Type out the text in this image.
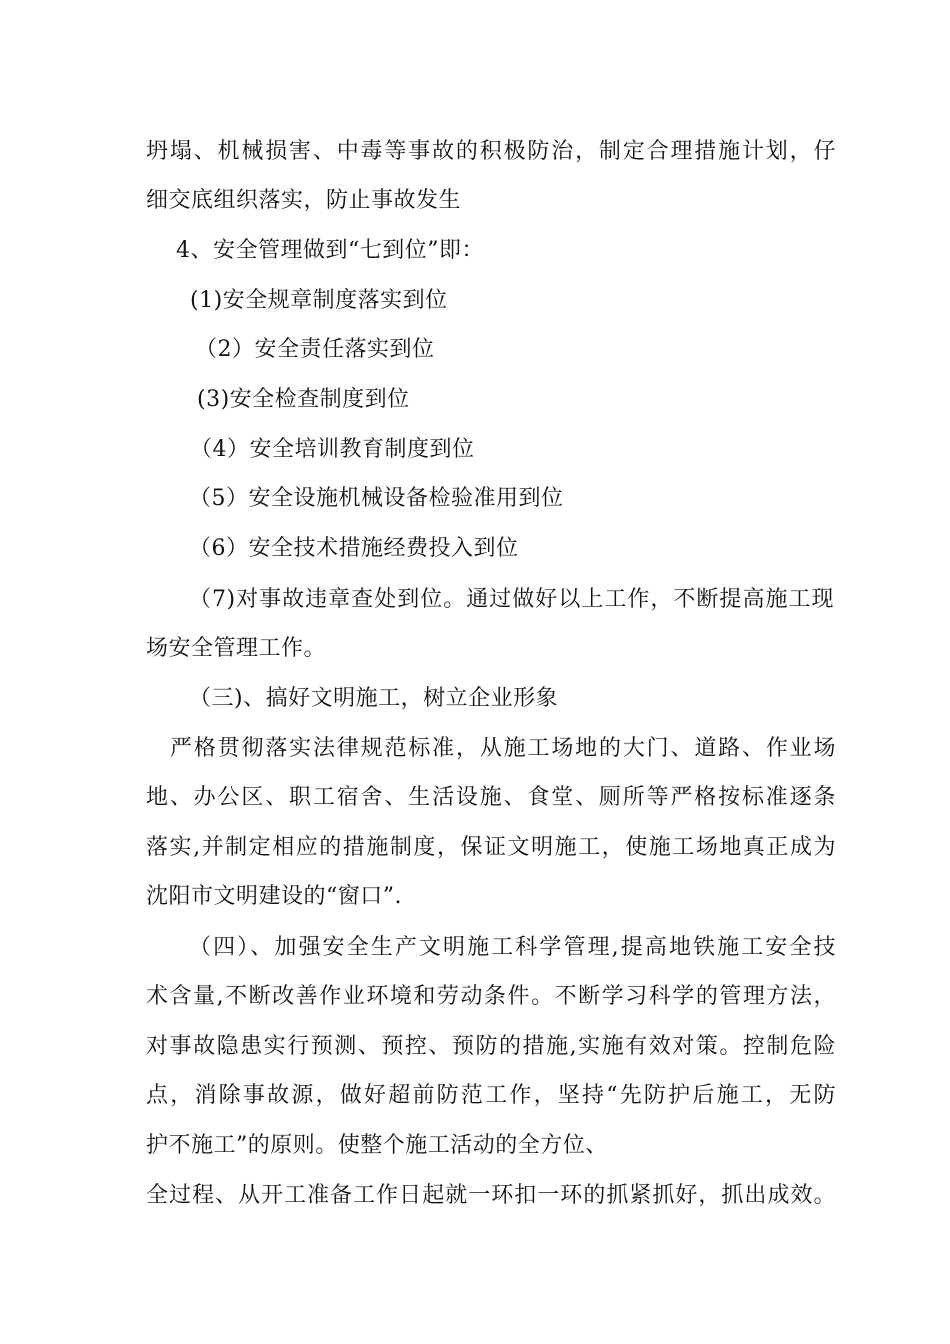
坍塌、机械损害、中毒等事故的积极防治，制定合理措施计划，仔
细交底组织落实，防止事故发生
4、安全管理做到“七到位”即：
(1)安全规章制度落实到位
（2）安全责任落实到位
(3)安全检查制度到位
（4）安全培训教育制度到位
（5）安全设施机械设备检验准用到位
（6）安全技术措施经费投入到位
（7)对事故违章查处到位。通过做好以上工作，不断提高施工现
场安全管理工作。
（三)、搞好文明施工，树立企业形象
严格贯彻落实法律规范标准，从施工场地的大门、道路、作业场
地、办公区、职工宿舍、生活设施、食堂、厕所等严格按标准逐条
落实,并制定相应的措施制度，保证文明施工，使施工场地真正成为
沈阳市文明建设的“窗口”.
（四）、加强安全生产文明施工科学管理,提高地铁施工安全技
术含量,不断改善作业环境和劳动条件。不断学习科学的管理方法，
对事故隐患实行预测、预控、预防的措施,实施有效对策。控制危险
点，消除事故源，做好超前防范工作，坚持“先防护后施工，无防
护不施工”的原则。使整个施工活动的全方位、
全过程、从开工准备工作日起就一环扣一环的抓紧抓好，抓出成效。
